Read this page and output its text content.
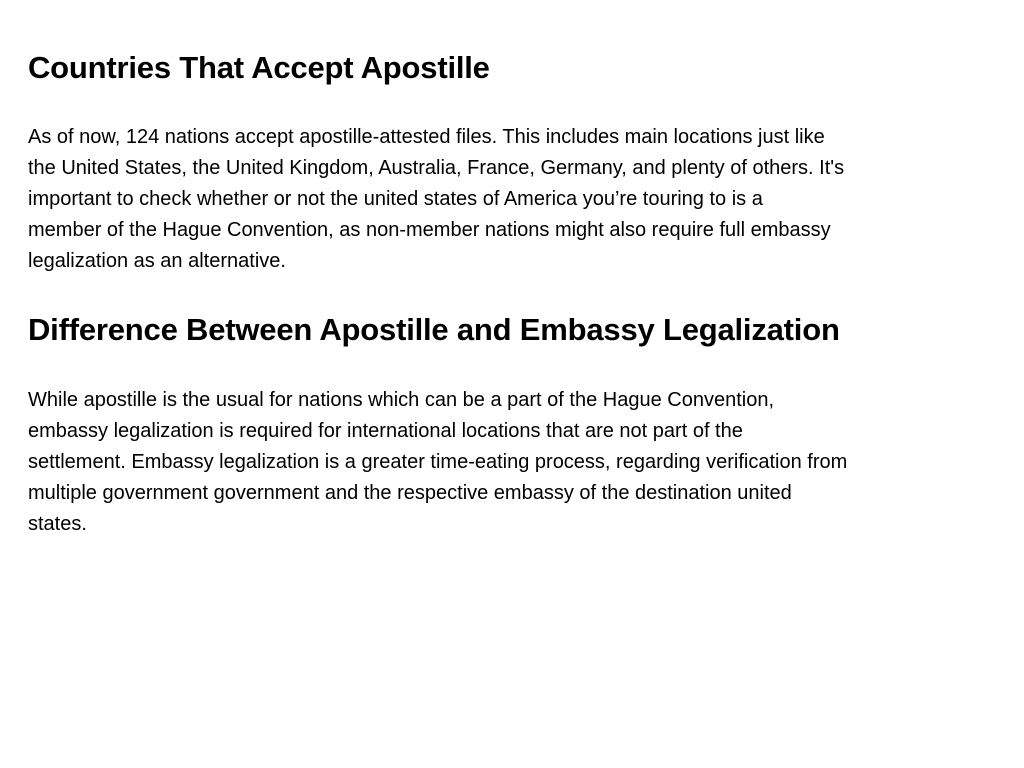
Countries That Accept Apostille

As of now, 124 nations accept apostille-attested files. This includes main locations just like
the United States, the United Kingdom, Australia, France, Germany, and plenty of others. It's
important to check whether or not the united states of America you’re touring to is a
member of the Hague Convention, as non-member nations might also require full embassy
legalization as an alternative.

Difference Between Apostille and Embassy Legalization

While apostille is the usual for nations which can be a part of the Hague Convention,
embassy legalization is required for international locations that are not part of the
settlement. Embassy legalization is a greater time-eating process, regarding verification from
multiple government government and the respective embassy of the destination united
states.
